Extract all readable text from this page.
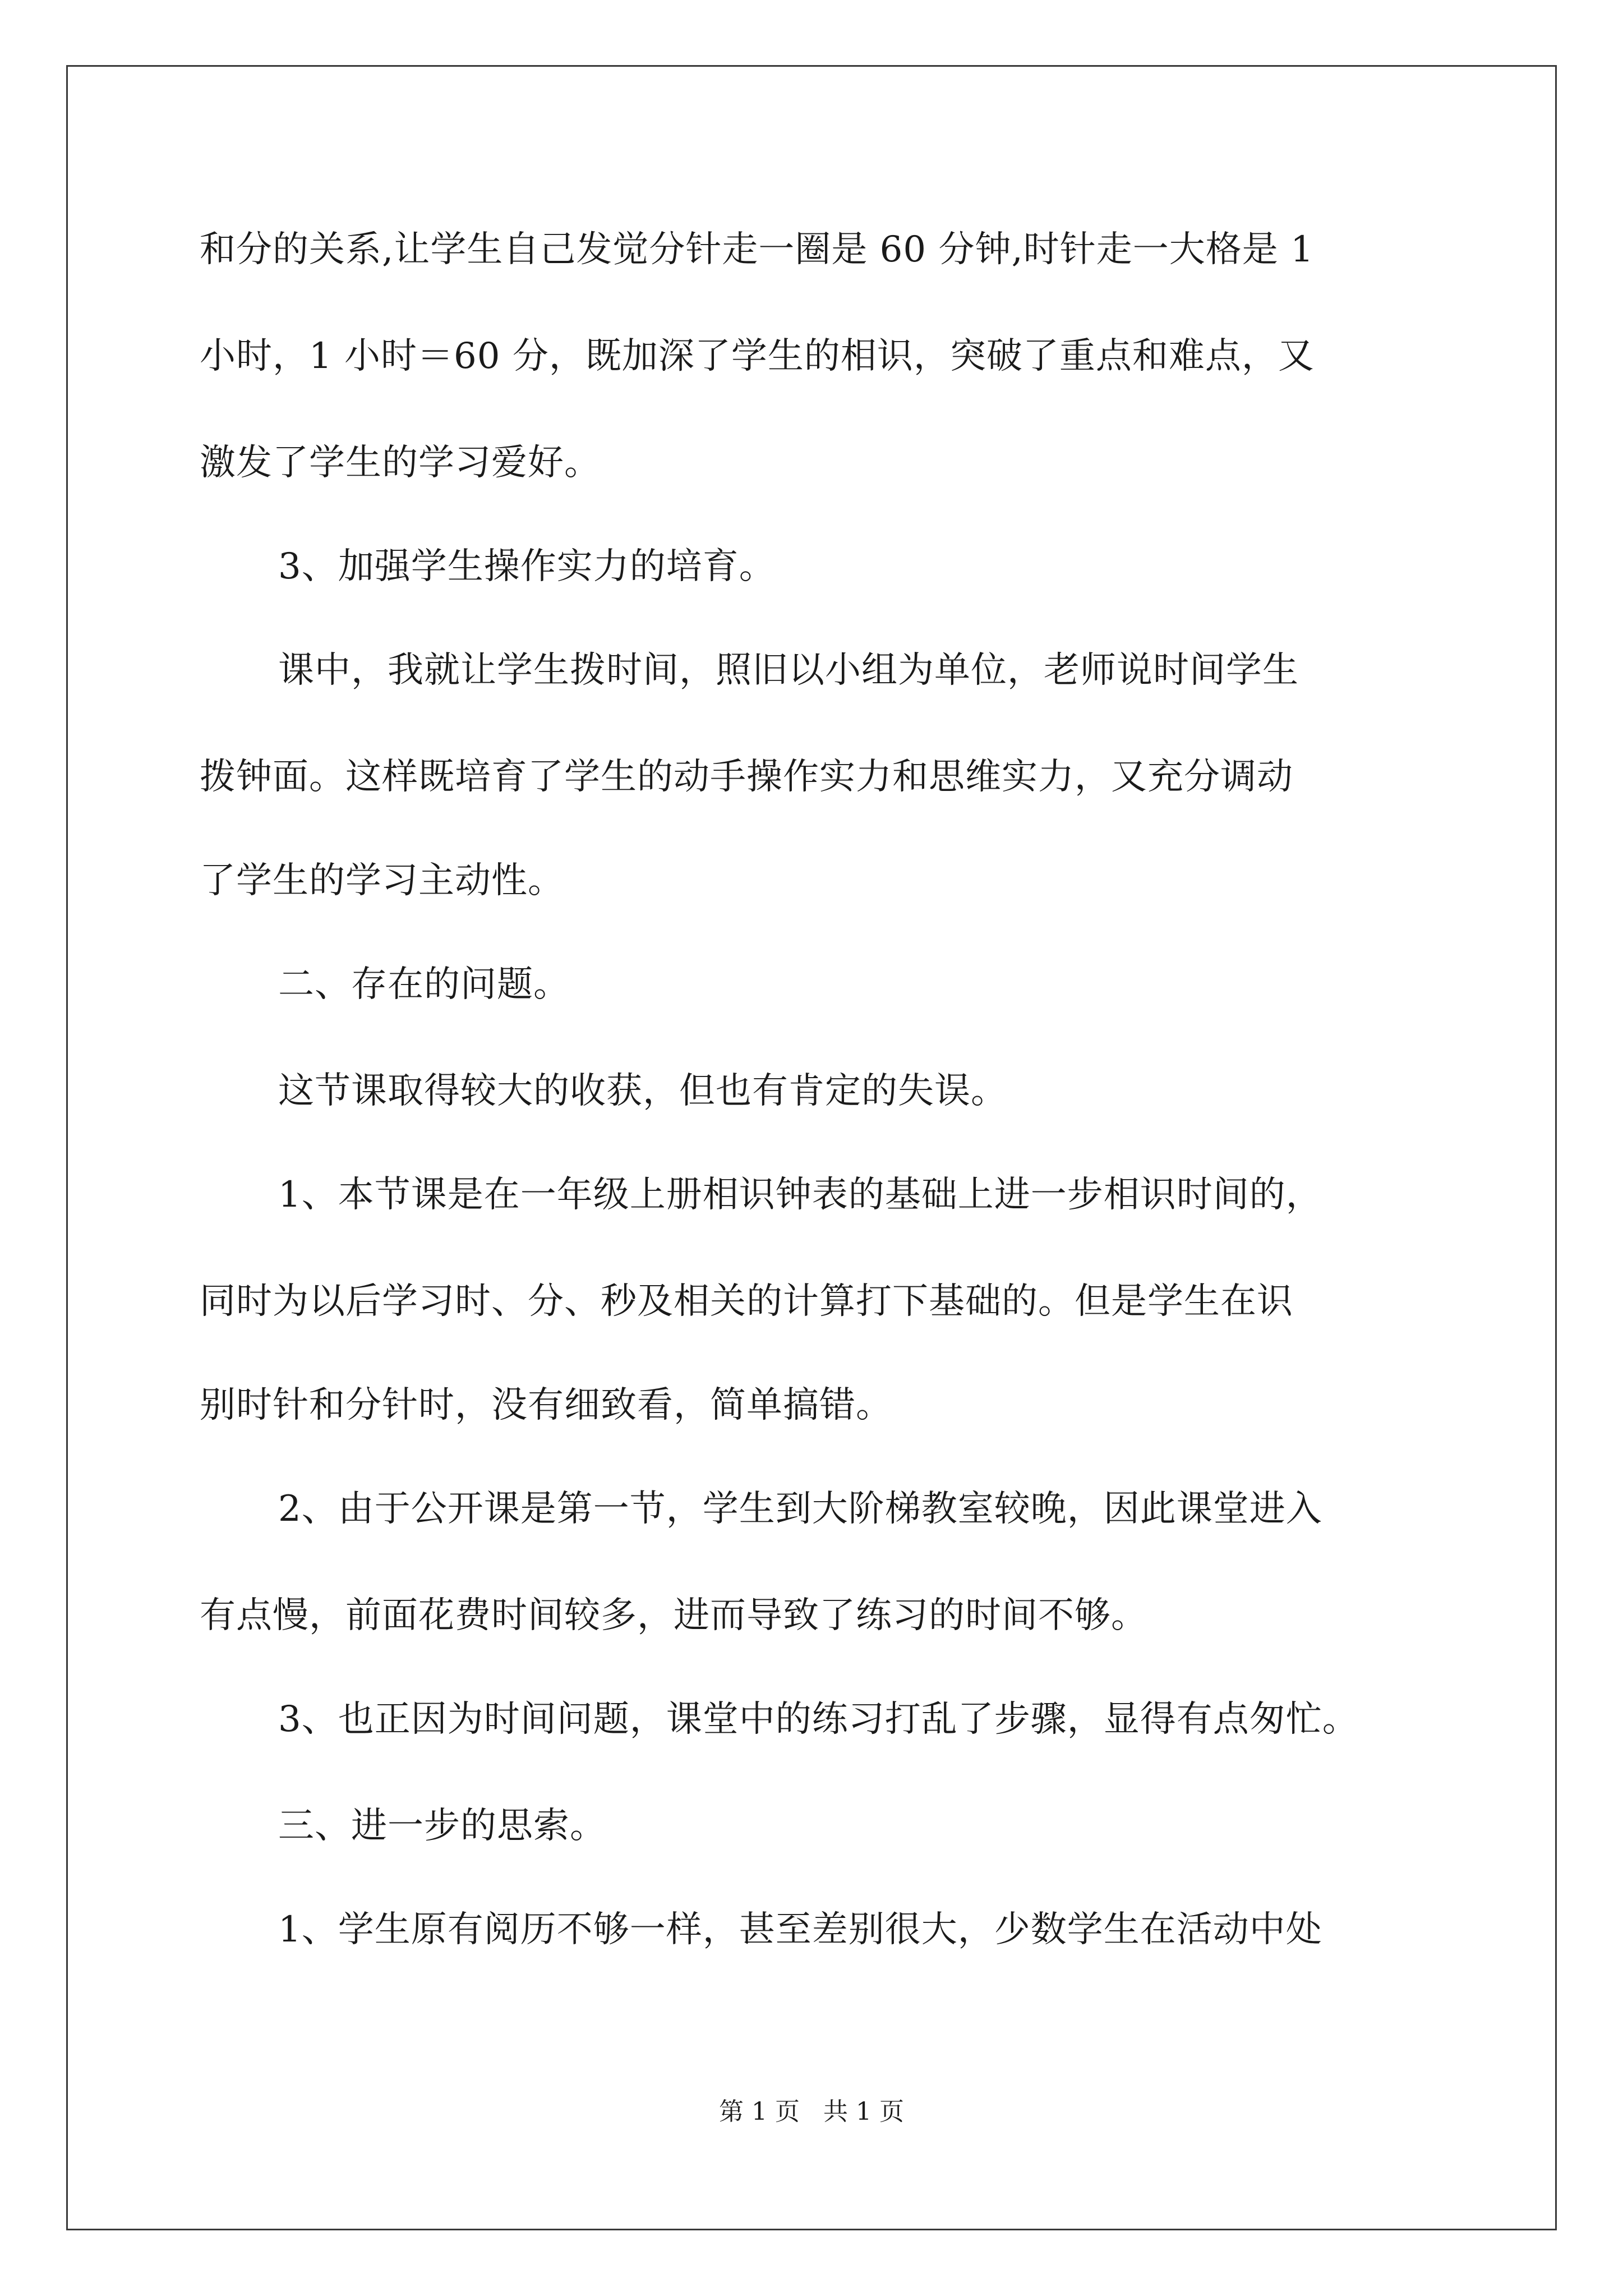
和分的关系,让学生自己发觉分针走一圈是 60 分钟,时针走一大格是 1
小时，1 小时＝60 分，既加深了学生的相识，突破了重点和难点，又
激发了学生的学习爱好。
3、加强学生操作实力的培育。
课中，我就让学生拨时间，照旧以小组为单位，老师说时间学生
拨钟面。这样既培育了学生的动手操作实力和思维实力，又充分调动
了学生的学习主动性。
二、存在的问题。
这节课取得较大的收获，但也有肯定的失误。
1、本节课是在一年级上册相识钟表的基础上进一步相识时间的，
同时为以后学习时、分、秒及相关的计算打下基础的。但是学生在识
别时针和分针时，没有细致看，简单搞错。
2、由于公开课是第一节，学生到大阶梯教室较晚，因此课堂进入
有点慢，前面花费时间较多，进而导致了练习的时间不够。
3、也正因为时间问题，课堂中的练习打乱了步骤，显得有点匆忙。
三、进一步的思索。
1、学生原有阅历不够一样，甚至差别很大，少数学生在活动中处
第 1 页   共 1 页
